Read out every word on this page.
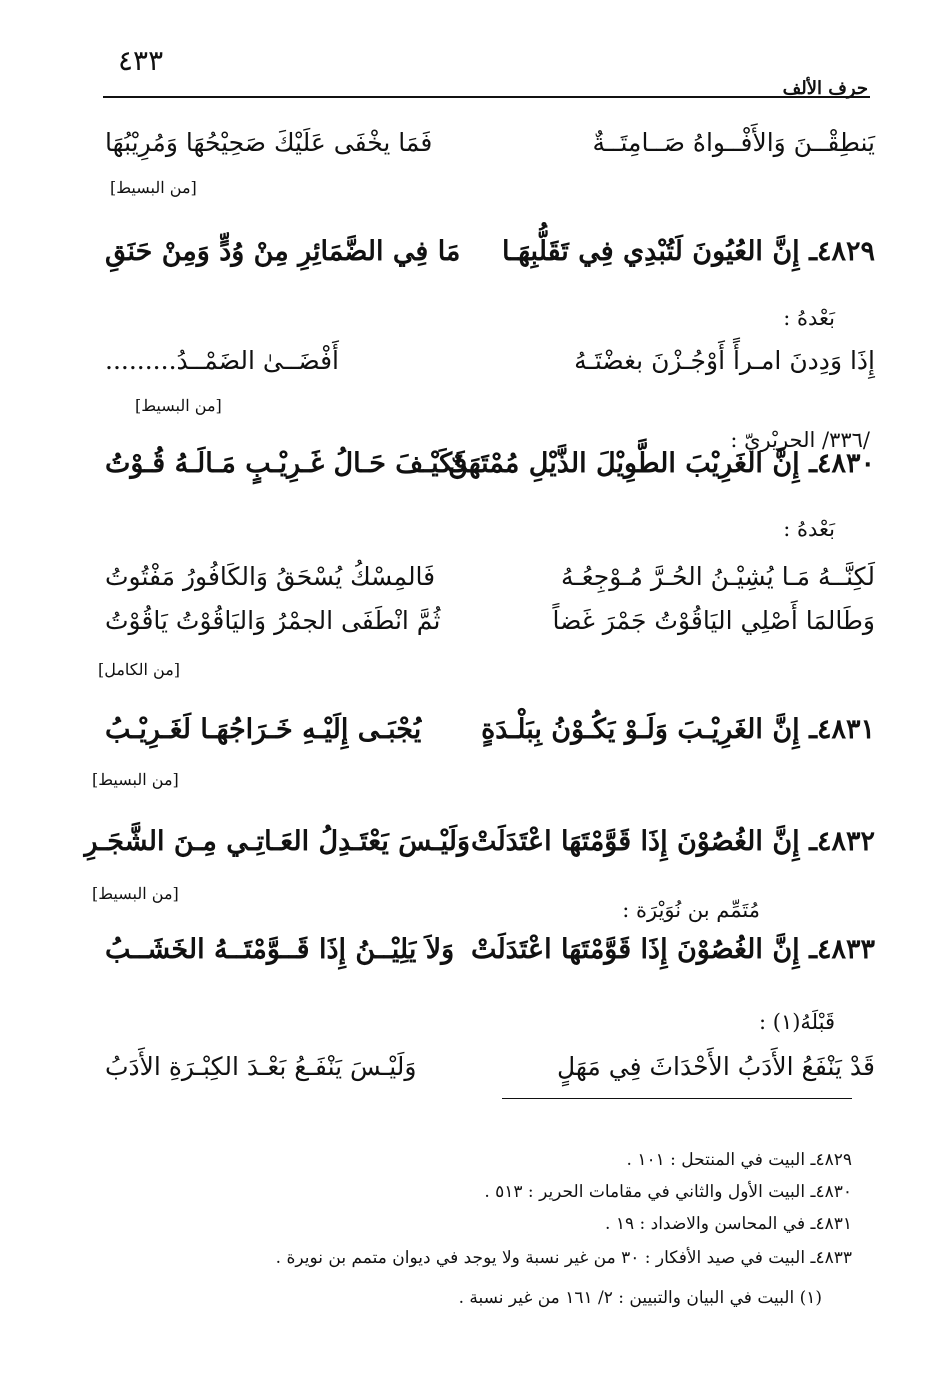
٤٣٣
حرف الألف
يَنطِقْــنَ وَالأَفْــواهُ صَــامِتَــةٌ
فَمَا يخْفَى عَلَيْكَ صَحِيْحُهَا وَمُرِيْبُهَا
[من البسيط]
٤٨٢٩ـ إِنَّ العُيُونَ لَتُبْدِي فِي تَقَلُّبِهَـا
مَا فِي الضَّمَائِرِ مِنْ وُدٍّ وَمِنْ حَنَقِ
بَعْدهُ :
إِذَا وَدِدنَ امـرأً أَوْجُـزْنَ بغضْتَـهُ
أَفْضَــىٰ الضَمْــدُ.........
[من البسيط]
/٣٣٦/ الحريْريّ :
٤٨٣٠ـ إِنَّ الغَرِيْبَ الطَّوِيْلَ الذَّيْلِ مُمْتَهَنٌ
فَكَيْـفَ حَـالُ غَـرِيْـبٍ مَـالَـهُ قُـوْتُ
بَعْدهُ :
لَكِنَّــهُ مَـا يُشِيْـنُ الحُـرَّ مُـوْجِعُـهُ
فَالمِسْكُ يُسْحَقُ وَالكَافُورُ مَفْتُوتُ
وَطَالمَا أَصْلِي اليَاقُوْتُ جَمْرَ غَضاً
ثُمَّ انْطَفَى الجمْرُ وَاليَاقُوْتُ يَاقُوْتُ
[من الكامل]
٤٨٣١ـ إِنَّ الغَرِيْـبَ وَلَـوْ يَكُـوْنُ بِبَلْـدَةٍ
يُجْبَـى إِلَيْـهِ خَـرَاجُهَـا لَغَـرِيْـبُ
[من البسيط]
٤٨٣٢ـ إِنَّ الغُصُوْنَ إِذَا قَوَّمْتَهَا اعْتَدَلَتْ
وَلَيْـسَ يَعْتَـدِلُ العَـاتِـي مِـنَ الشَّجَـرِ
[من البسيط]
مُتَمِّم بن نُوَيْرَة :
٤٨٣٣ـ إِنَّ الغُصُوْنَ إِذَا قَوَّمْتَهَا اعْتَدَلَتْ
وَلاَ يَلِيْــنُ إِذَا قَــوَّمْتَــهُ الخَشَــبُ
قَبْلَهُ(١) :
قَدْ يَنْفَعُ الأَدَبُ الأَحْدَاثَ فِي مَهَلٍ
وَلَيْـسَ يَنْفَـعُ بَعْـدَ الكِبْـرَةِ الأَدَبُ
٤٨٢٩ـ البيت في المنتحل : ١٠١ .
٤٨٣٠ـ البيت الأول والثاني في مقامات الحرير : ٥١٣ .
٤٨٣١ـ في المحاسن والاضداد : ١٩ .
٤٨٣٣ـ البيت في صيد الأفكار : ٣٠ من غير نسبة ولا يوجد في ديوان متمم بن نويرة .
(١) البيت في البيان والتبيين : ٢/ ١٦١ من غير نسبة .
